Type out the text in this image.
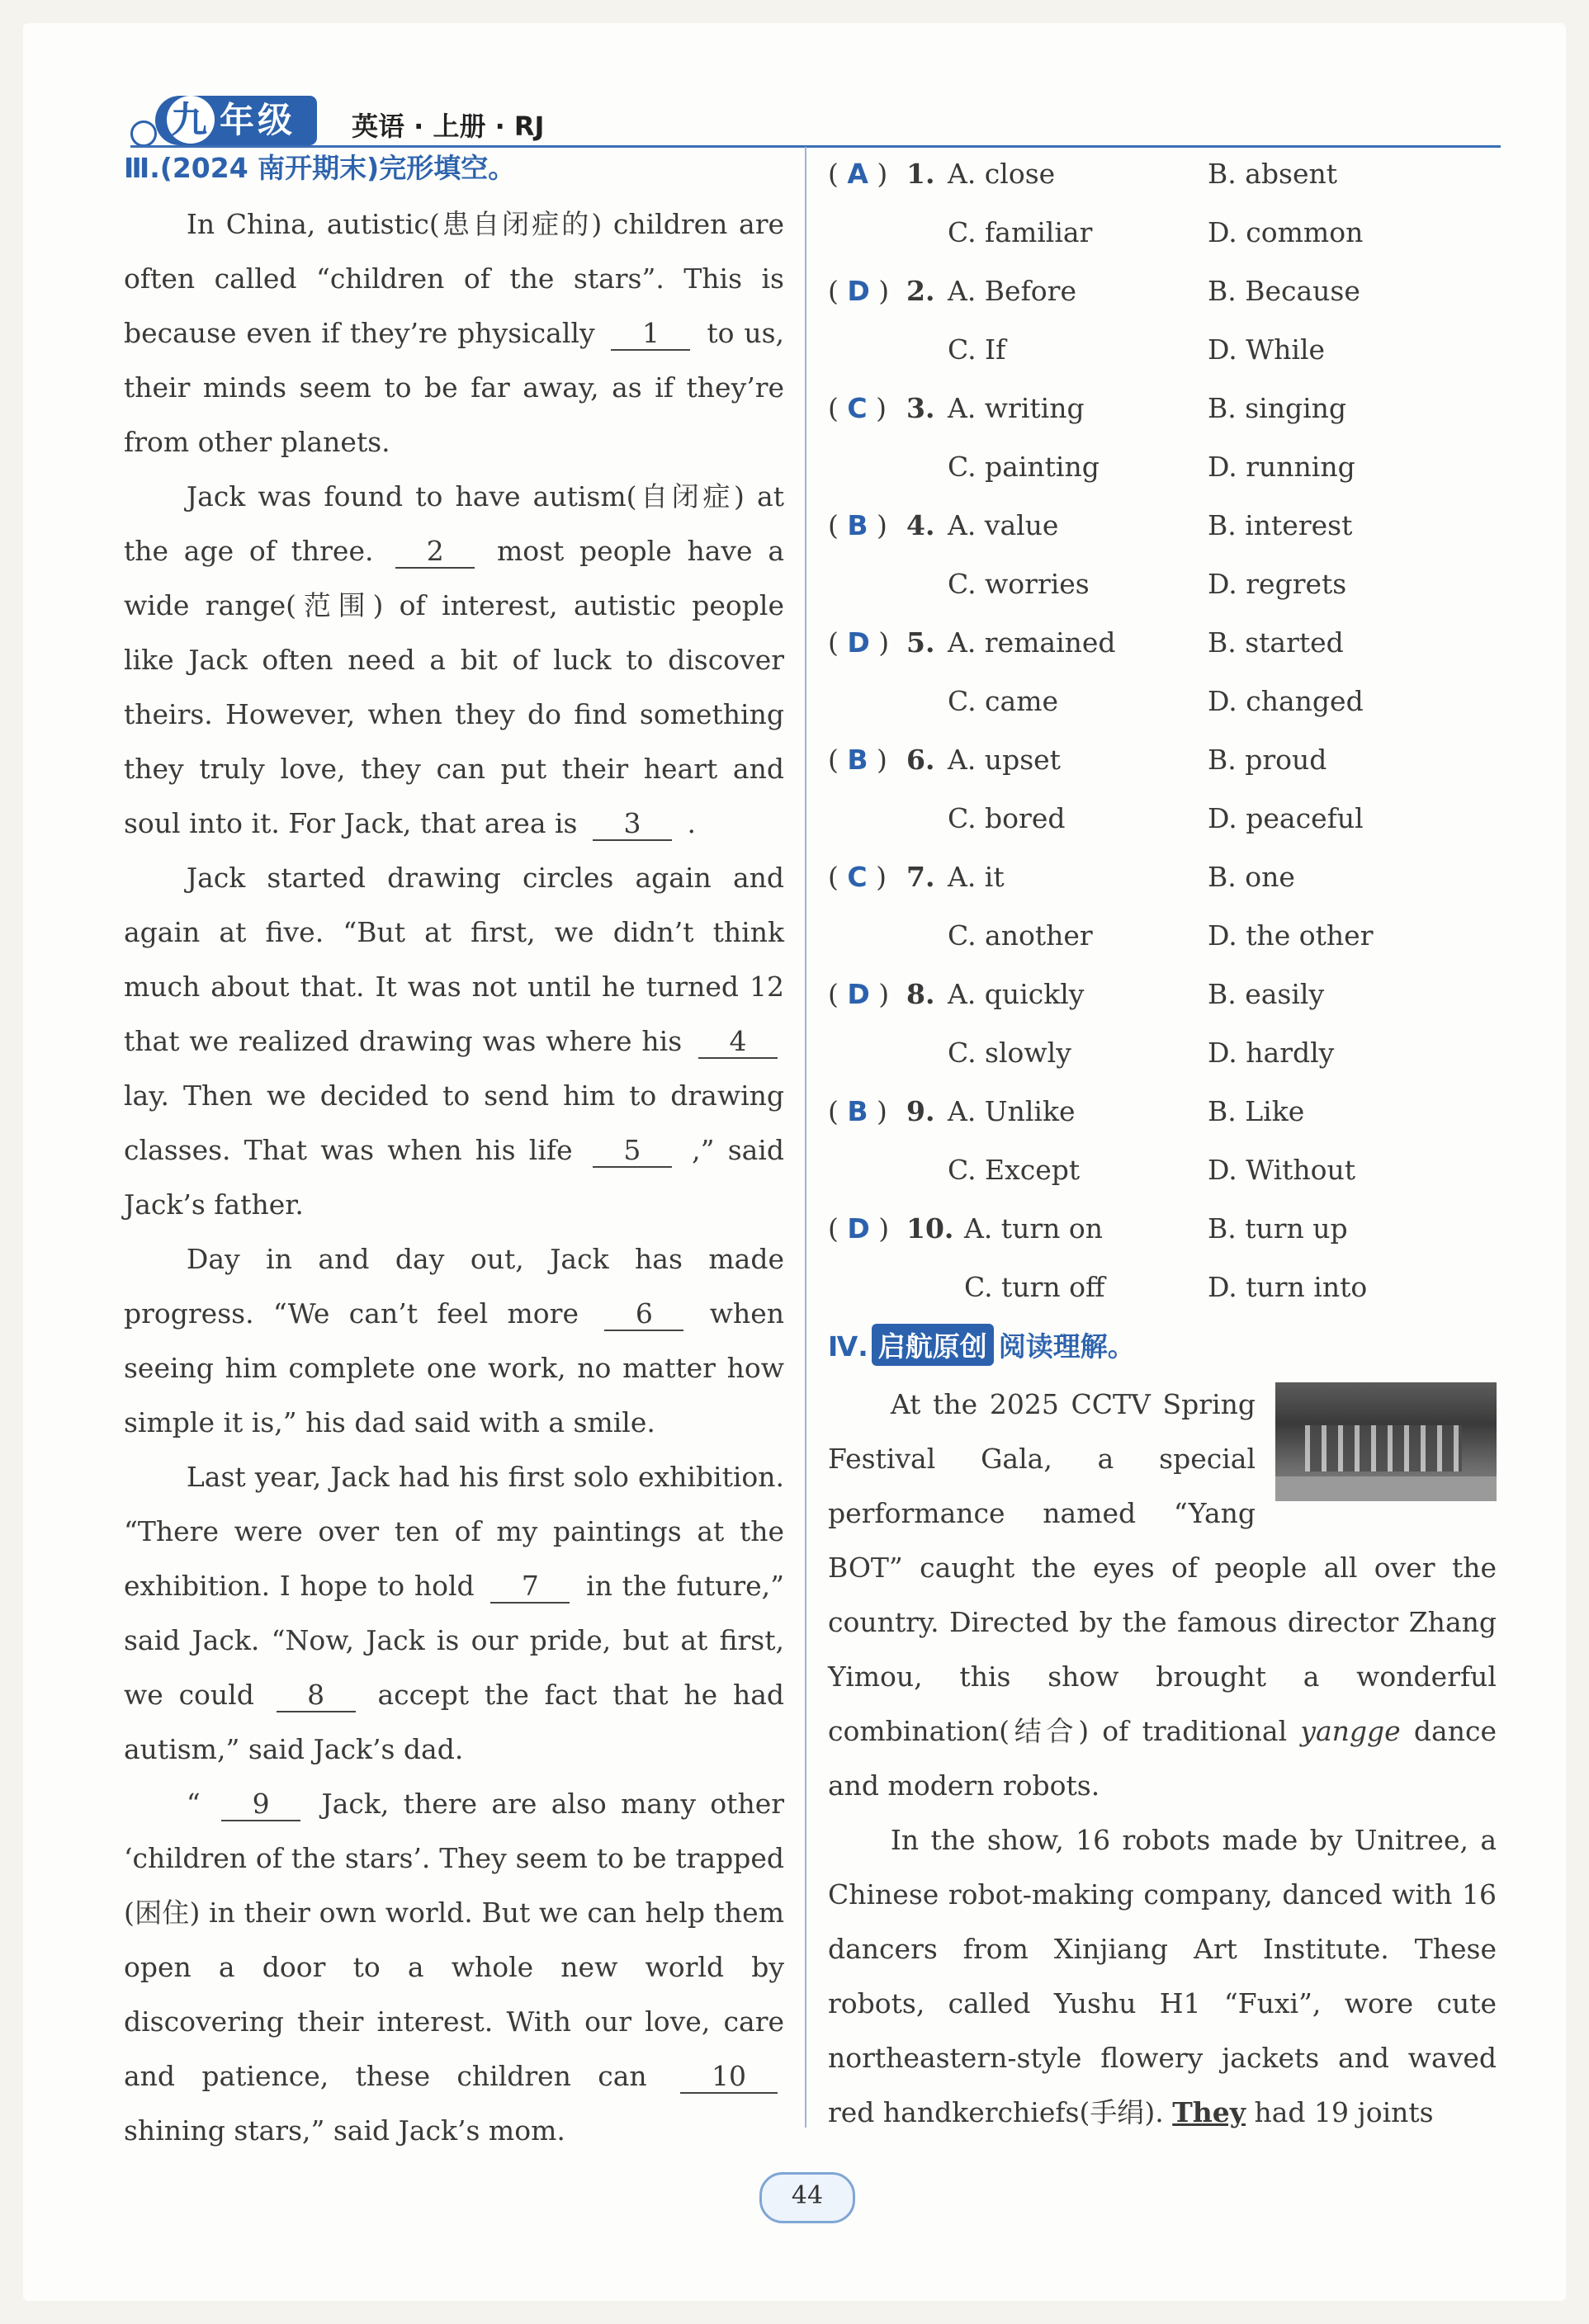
九 年级	英语 · 上册 · RJ
Ⅲ.(2024 南开期末)完形填空。

In China, autistic(患自闭症的) children are often called “children of the stars”. This is because even if they’re physically 1 to us, their minds seem to be far away, as if they’re from other planets.

Jack was found to have autism(自闭症) at the age of three. 2 most people have a wide range(范围) of interest, autistic people like Jack often need a bit of luck to discover theirs. However, when they do find something they truly love, they can put their heart and soul into it. For Jack, that area is 3 .

Jack started drawing circles again and again at five. “But at first, we didn’t think much about that. It was not until he turned 12 that we realized drawing was where his 4 lay. Then we decided to send him to drawing classes. That was when his life 5 ,” said Jack’s father.

Day in and day out, Jack has made progress. “We can’t feel more 6 when seeing him complete one work, no matter how simple it is,” his dad said with a smile.

Last year, Jack had his first solo exhibition. “There were over ten of my paintings at the exhibition. I hope to hold 7 in the future,” said Jack. “Now, Jack is our pride, but at first, we could 8 accept the fact that he had autism,” said Jack’s dad.

“ 9 Jack, there are also many other ‘children of the stars’. They seem to be trapped (困住) in their own world. But we can help them open a door to a whole new world by discovering their interest. With our love, care and patience, these children can 10 shining stars,” said Jack’s mom.

( A ) 1. A. close	B. absent
C. familiar	D. common
( D ) 2. A. Before	B. Because
C. If	D. While
( C ) 3. A. writing	B. singing
C. painting	D. running
( B ) 4. A. value	B. interest
C. worries	D. regrets
( D ) 5. A. remained	B. started
C. came	D. changed
( B ) 6. A. upset	B. proud
C. bored	D. peaceful
( C ) 7. A. it	B. one
C. another	D. the other
( D ) 8. A. quickly	B. easily
C. slowly	D. hardly
( B ) 9. A. Unlike	B. Like
C. Except	D. Without
( D ) 10. A. turn on	B. turn up
C. turn off	D. turn into
Ⅳ. 启航原创 阅读理解。

At the 2025 CCTV Spring Festival Gala, a special performance named “Yang BOT” caught the eyes of people all over the country. Directed by the famous director Zhang Yimou, this show brought a wonderful combination(结合) of traditional yangge dance and modern robots.

In the show, 16 robots made by Unitree, a Chinese robot-making company, danced with 16 dancers from Xinjiang Art Institute. These robots, called Yushu H1 “Fuxi”, wore cute northeastern-style flowery jackets and waved red handkerchiefs(手绢). They had 19 joints

44
